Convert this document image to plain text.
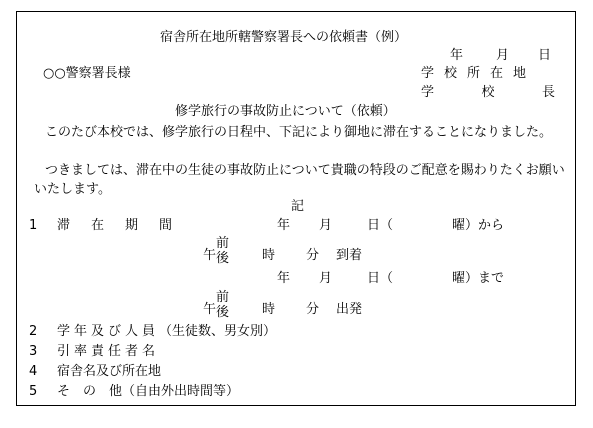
宿舎所在地所轄警察署長への依頼書（例）
年	月 日
○○警察署長様	学校所在地
学	校	長
修学旅行の事故防止について（依頼）
このたび本校では、修学旅行の日程中、下記により御地に滞在することになりました。
つきましては、滞在中の生徒の事故防止について貴職の特段のご配意を賜わりたくお願いいたします。
記
1 滞在期間	年 月	日（	曜）から
午
前
後	時 分 到着
年 月	日（	曜）まで
午
前
後	時 分 出発
2 学年及び人員（生徒数、男女別）
3 引率責任者名
4 宿舎名及び所在地
5 そ　の　他（自由外出時間等）
